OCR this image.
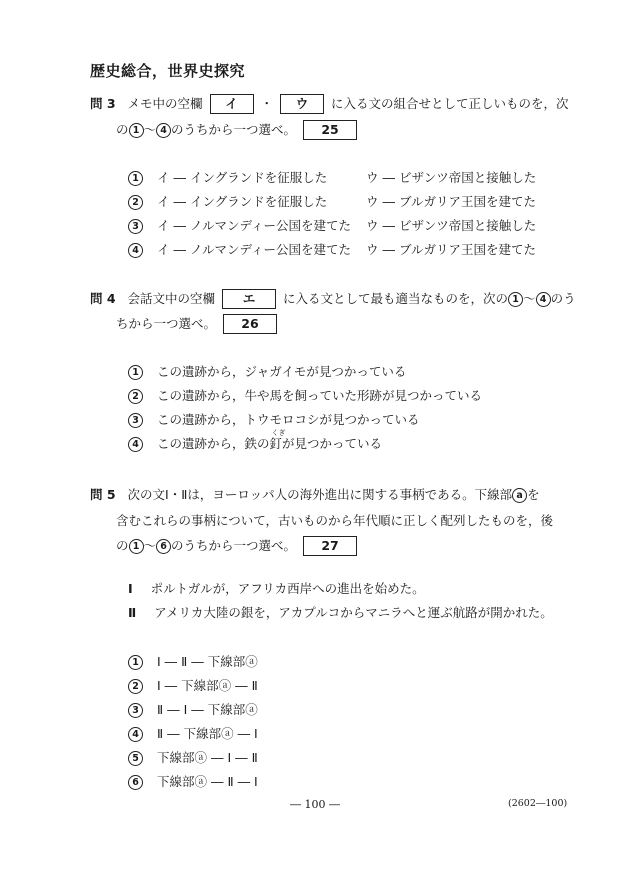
歴史総合，世界史探究
問 3 メモ中の空欄 イ ・ ウ に入る文の組合せとして正しいものを，次
の 1 ～ 4 のうちから一つ選べ。 25
1 イ ― イングランドを征服した	ウ ― ビザンツ帝国と接触した
2 イ ― イングランドを征服した	ウ ― ブルガリア王国を建てた
3 イ ― ノルマンディー公国を建てた ウ ― ビザンツ帝国と接触した
4 イ ― ノルマンディー公国を建てた ウ ― ブルガリア王国を建てた
問 4 会話文中の空欄 エ に入る文として最も適当なものを，次の 1 ～ 4 のう
ちから一つ選べ。 26
1 この遺跡から，ジャガイモが見つかっている
2 この遺跡から，牛や馬を飼っていた形跡が見つかっている
3 この遺跡から，トウモロコシが見つかっている
4 この遺跡から，鉄の
くぎ
釘が見つかっている
問 5 次の文Ⅰ・Ⅱは，ヨーロッパ人の海外進出に関する事柄である。下線部 a を
含むこれらの事柄について，古いものから年代順に正しく配列したものを，後
の 1 ～ 6 のうちから一つ選べ。 27
Ⅰ ポルトガルが，アフリカ西岸への進出を始めた。
Ⅱ アメリカ大陸の銀を，アカプルコからマニラへと運ぶ航路が開かれた。
1 Ⅰ ― Ⅱ ― 下線部ⓐ
2 Ⅰ ― 下線部ⓐ ― Ⅱ
3 Ⅱ ― Ⅰ ― 下線部ⓐ
4 Ⅱ ― 下線部ⓐ ― Ⅰ
5 下線部ⓐ ― Ⅰ ― Ⅱ
6 下線部ⓐ ― Ⅱ ― Ⅰ
― 100 ―	(2602―100)
